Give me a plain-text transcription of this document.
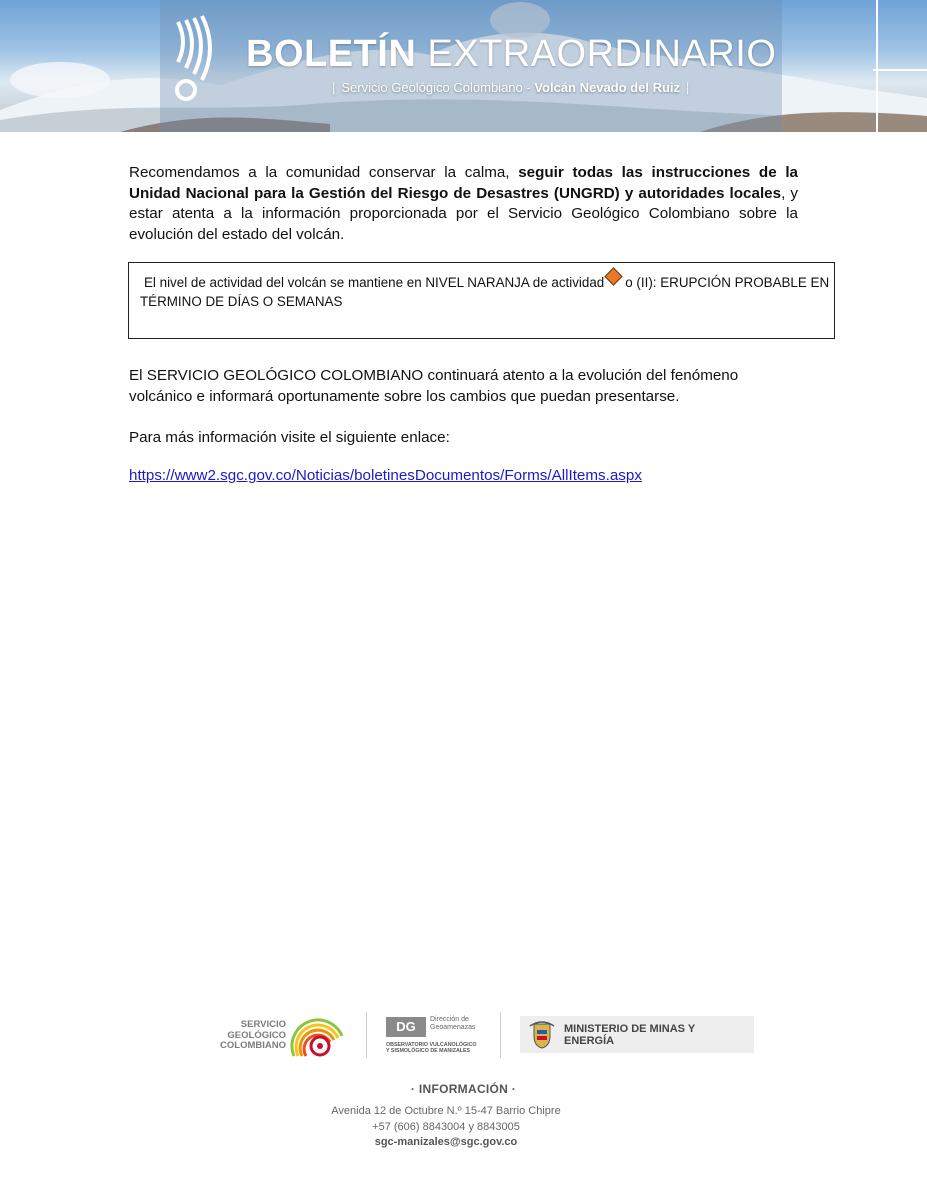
BOLETÍN EXTRAORDINARIO
| Servicio Geológico Colombiano - Volcán Nevado del Ruiz |
Recomendamos a la comunidad conservar la calma, seguir todas las instrucciones de la Unidad Nacional para la Gestión del Riesgo de Desastres (UNGRD) y autoridades locales, y estar atenta a la información proporcionada por el Servicio Geológico Colombiano sobre la evolución del estado del volcán.
El nivel de actividad del volcán se mantiene en NIVEL NARANJA de actividad o (II): ERUPCIÓN PROBABLE EN
TÉRMINO DE DÍAS O SEMANAS
El SERVICIO GEOLÓGICO COLOMBIANO continuará atento a la evolución del fenómeno volcánico e informará oportunamente sobre los cambios que puedan presentarse.
Para más información visite el siguiente enlace:
https://www2.sgc.gov.co/Noticias/boletinesDocumentos/Forms/AllItems.aspx
SERVICIO
GEOLÓGICO
COLOMBIANO
DG	Dirección de
Geoamenazas
OBSERVATORIO VULCANOLÓGICO
Y SISMOLÓGICO DE MANIZALES
MINISTERIO DE MINAS Y
ENERGÍA
· INFORMACIÓN ·
Avenida 12 de Octubre N.º 15-47 Barrio Chipre
+57 (606) 8843004 y 8843005
sgc-manizales@sgc.gov.co
